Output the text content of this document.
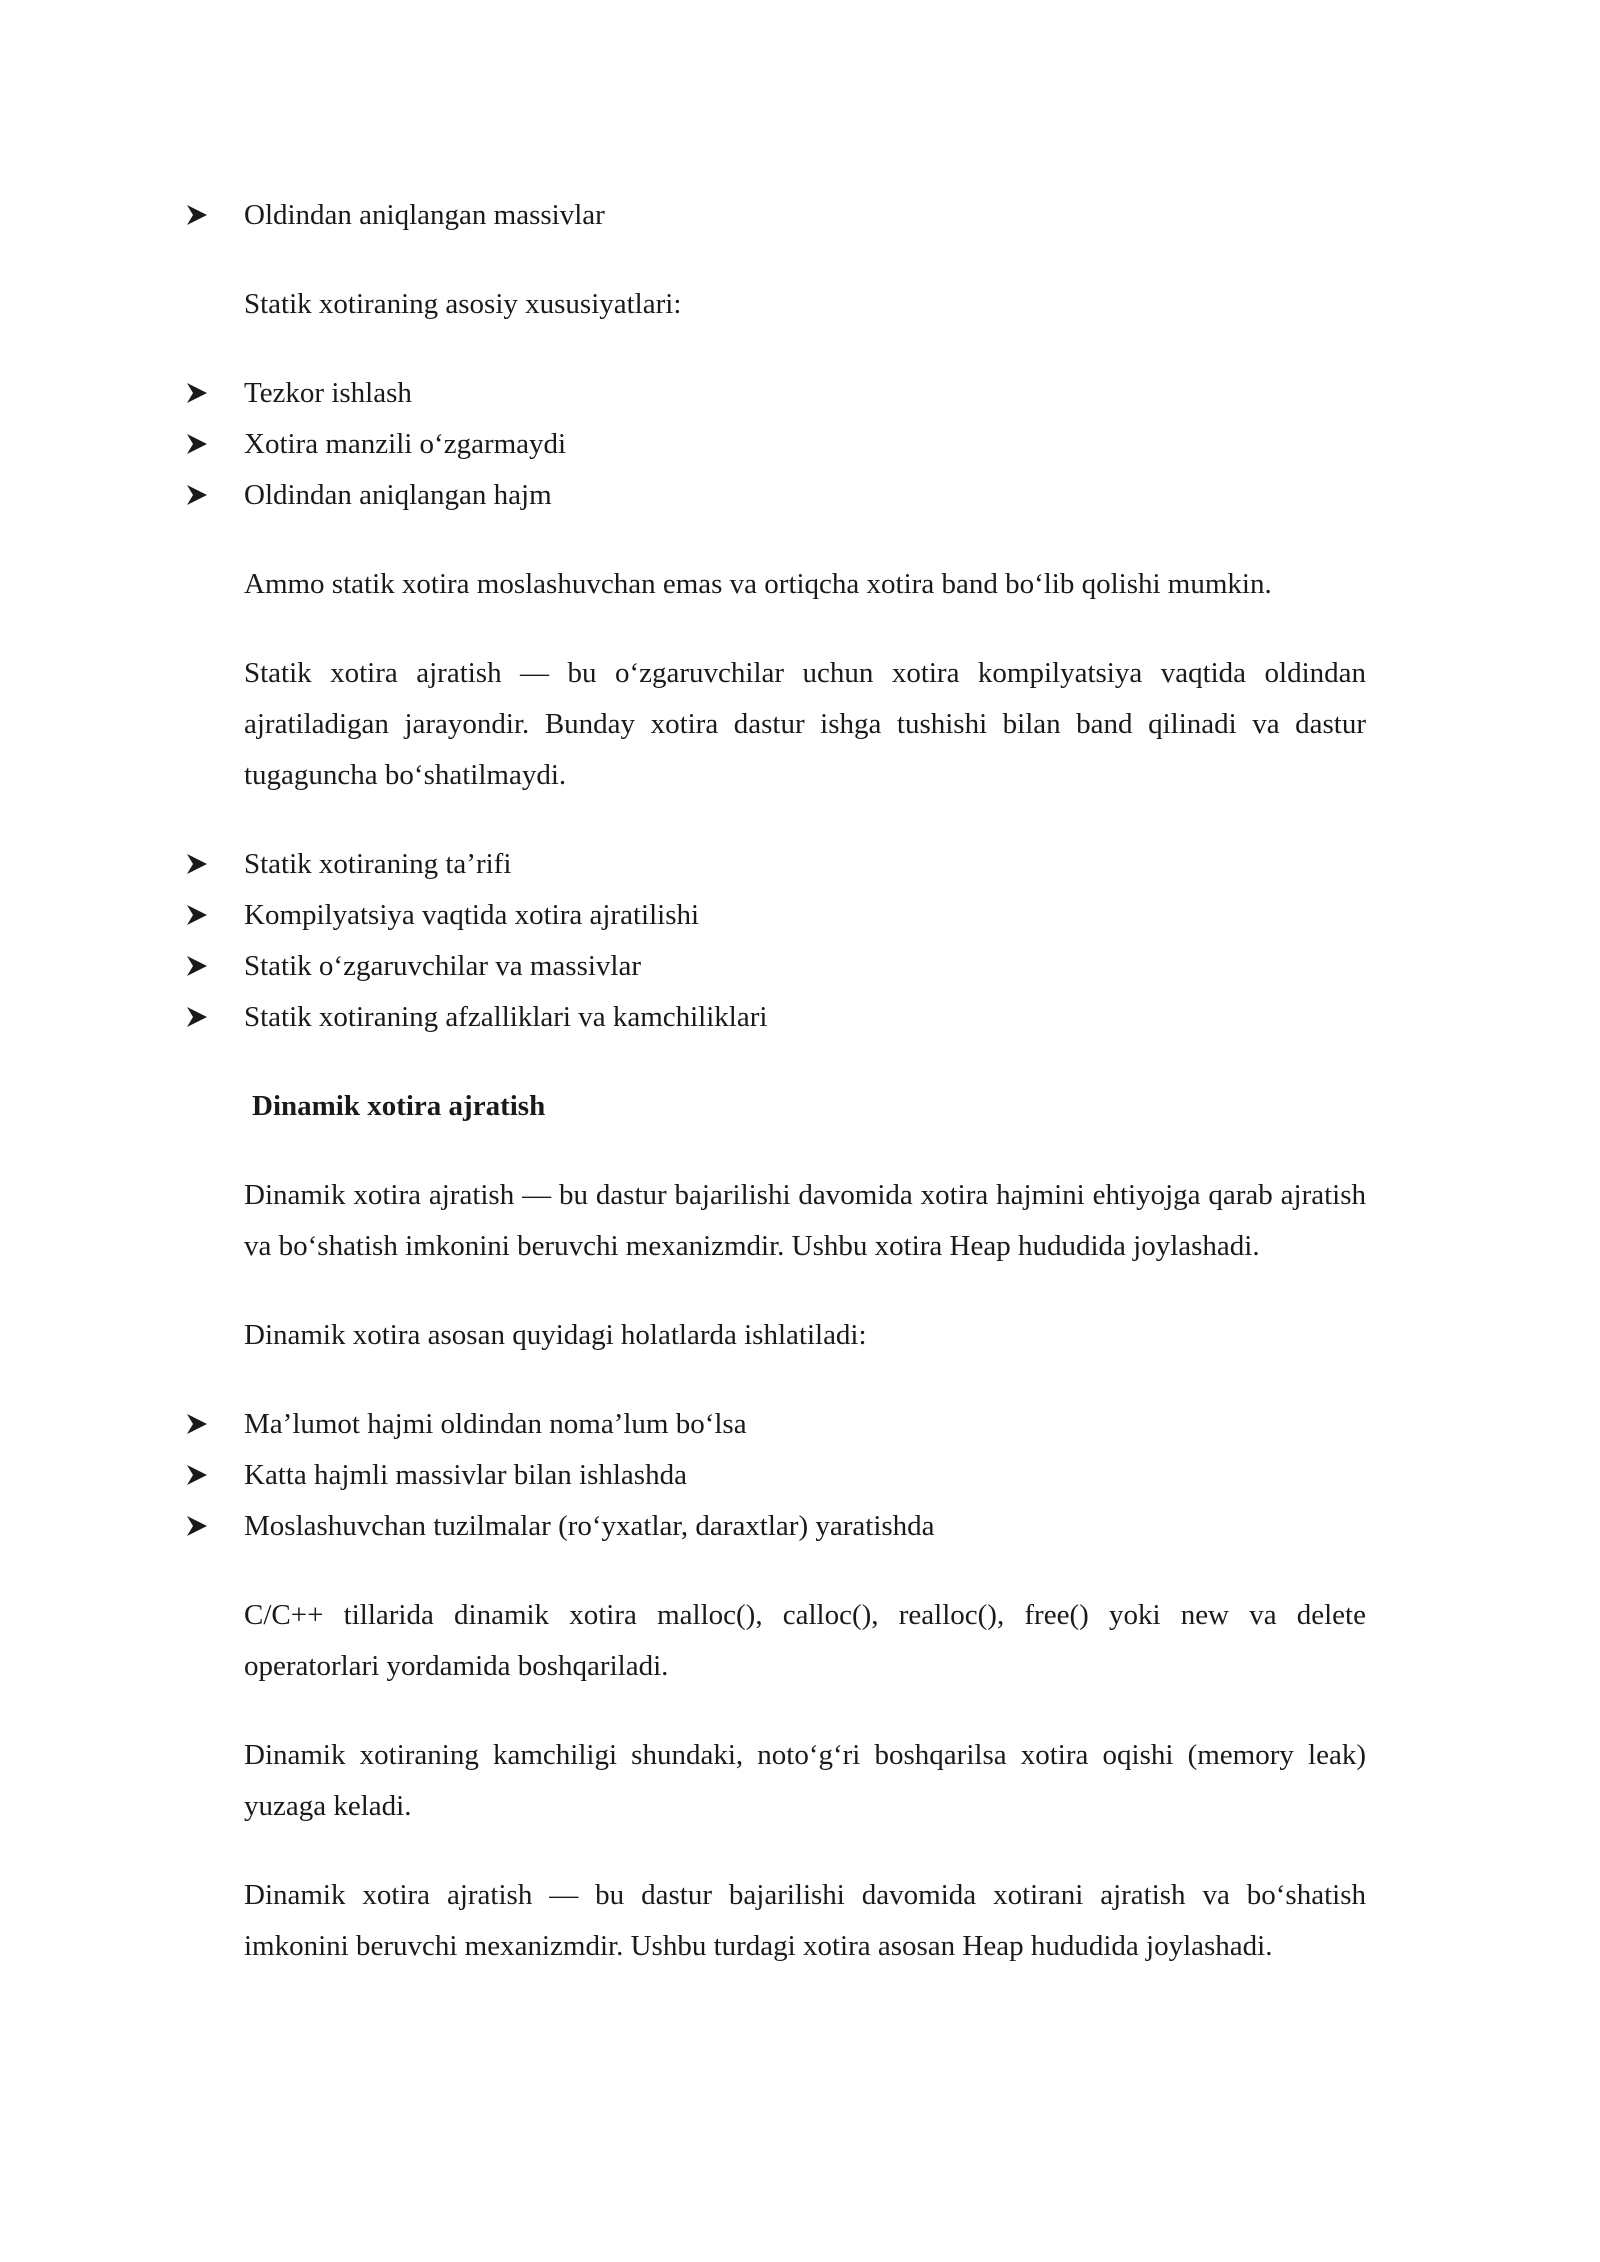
Oldindan aniqlangan massivlar

Statik xotiraning asosiy xususiyatlari:

Tezkor ishlash
Xotira manzili o‘zgarmaydi
Oldindan aniqlangan hajm

Ammo statik xotira moslashuvchan emas va ortiqcha xotira band bo‘lib qolishi mumkin.

Statik xotira ajratish — bu o‘zgaruvchilar uchun xotira kompilyatsiya vaqtida oldindan ajratiladigan jarayondir. Bunday xotira dastur ishga tushishi bilan band qilinadi va dastur tugaguncha bo‘shatilmaydi.

Statik xotiraning ta’rifi
Kompilyatsiya vaqtida xotira ajratilishi
Statik o‘zgaruvchilar va massivlar
Statik xotiraning afzalliklari va kamchiliklari
Dinamik xotira ajratish

Dinamik xotira ajratish — bu dastur bajarilishi davomida xotira hajmini ehtiyojga qarab ajratish va bo‘shatish imkonini beruvchi mexanizmdir. Ushbu xotira Heap hududida joylashadi.

Dinamik xotira asosan quyidagi holatlarda ishlatiladi:

Ma’lumot hajmi oldindan noma’lum bo‘lsa
Katta hajmli massivlar bilan ishlashda
Moslashuvchan tuzilmalar (ro‘yxatlar, daraxtlar) yaratishda

C/C++ tillarida dinamik xotira malloc(), calloc(), realloc(), free() yoki new va delete operatorlari yordamida boshqariladi.

Dinamik xotiraning kamchiligi shundaki, noto‘g‘ri boshqarilsa xotira oqishi (memory leak) yuzaga keladi.

Dinamik xotira ajratish — bu dastur bajarilishi davomida xotirani ajratish va bo‘shatish imkonini beruvchi mexanizmdir. Ushbu turdagi xotira asosan Heap hududida joylashadi.
